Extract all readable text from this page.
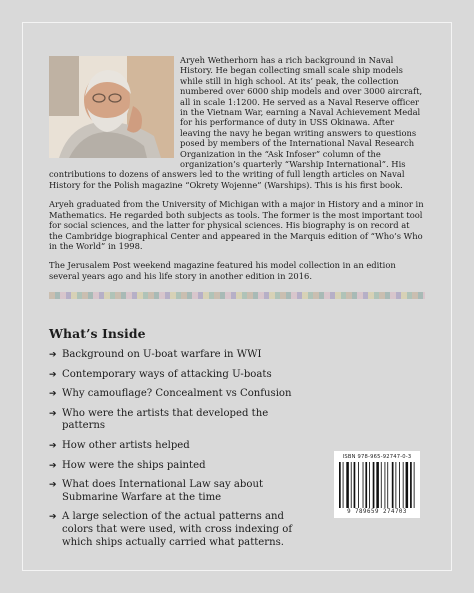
Aryeh Wetherhorn has a rich background in Naval History. He began collecting small scale ship models while still in high school. At its’ peak, the collection numbered over 6000 ship models and over 3000 aircraft, all in scale 1:1200. He served as a Naval Reserve officer in the Vietnam War, earning a Naval Achievement Medal for his performance of duty in USS Okinawa. After leaving the navy he began writing answers to questions posed by members of the International Naval Research Organization in the “Ask Infoser” column of the organization’s quarterly “Warship International”. His contributions to dozens of answers led to the writing of full length articles on Naval History for the Polish magazine “Okrety Wojenne” (Warships). This is his first book.

Aryeh graduated from the University of Michigan with a major in History and a minor in Mathematics. He regarded both subjects as tools. The former is the most important tool for social sciences, and the latter for physical sciences. His biography is on record at the Cambridge biographical Center and appeared in the Marquis edition of “Who’s Who in the World” in 1998.

The Jerusalem Post weekend magazine featured his model collection in an edition several years ago and his life story in another edition in 2016.

What’s Inside
➔ Background on U-boat warfare in WWI
➔ Contemporary ways of attacking U-boats
➔ Why camouflage? Concealment vs Confusion
➔ Who were the artists that developed the patterns
➔ How other artists helped
➔ How were the ships painted
➔ What does International Law say about Submarine Warfare at the time
➔ A large selection of the actual patterns and colors that were used, with cross indexing of which ships actually carried what patterns.
ISBN 978-965-92747-0-3
9 789659 274703
